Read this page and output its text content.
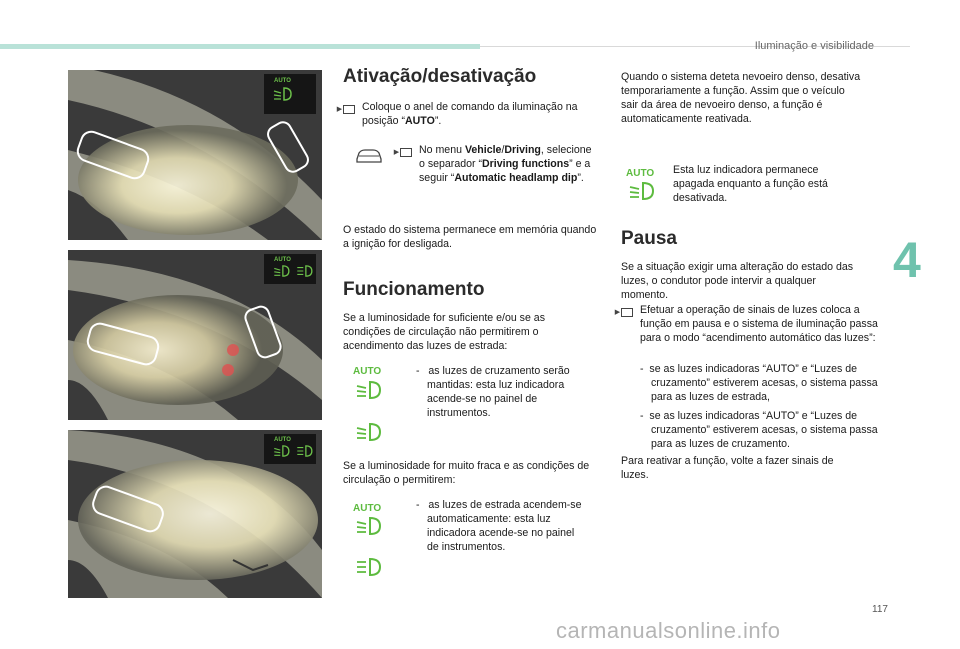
Iluminação e visibilidade
4
117
carmanualsonline.info
AUTO
AUTO
AUTO
Ativação/desativação
▶ Coloque o anel de comando da iluminação na posição “AUTO”.
▶ No menu Vehicle/Driving, selecione o separador “Driving functions” e a seguir “Automatic headlamp dip”.
O estado do sistema permanece em memória quando a ignição for desligada.
Funcionamento
Se a luminosidade for suficiente e/ou se as condições de circulação não permitirem o acendimento das luzes de estrada:
AUTO	- as luzes de cruzamento serão mantidas: esta luz indicadora acende-se no painel de instrumentos.
Se a luminosidade for muito fraca e as condições de circulação o permitirem:
AUTO	- as luzes de estrada acendem-se automaticamente: esta luz indicadora acende-se no painel de instrumentos.
Quando o sistema deteta nevoeiro denso, desativa temporariamente a função. Assim que o veículo sair da área de nevoeiro denso, a função é automaticamente reativada.
AUTO Esta luz indicadora permanece apagada enquanto a função está desativada.
Pausa
Se a situação exigir uma alteração do estado das luzes, o condutor pode intervir a qualquer momento.
▶ Efetuar a operação de sinais de luzes coloca a função em pausa e o sistema de iluminação passa para o modo “acendimento automático das luzes”:
- se as luzes indicadoras “AUTO” e “Luzes de cruzamento” estiverem acesas, o sistema passa para as luzes de estrada,
- se as luzes indicadoras “AUTO” e “Luzes de cruzamento” estiverem acesas, o sistema passa para as luzes de cruzamento.
Para reativar a função, volte a fazer sinais de luzes.
